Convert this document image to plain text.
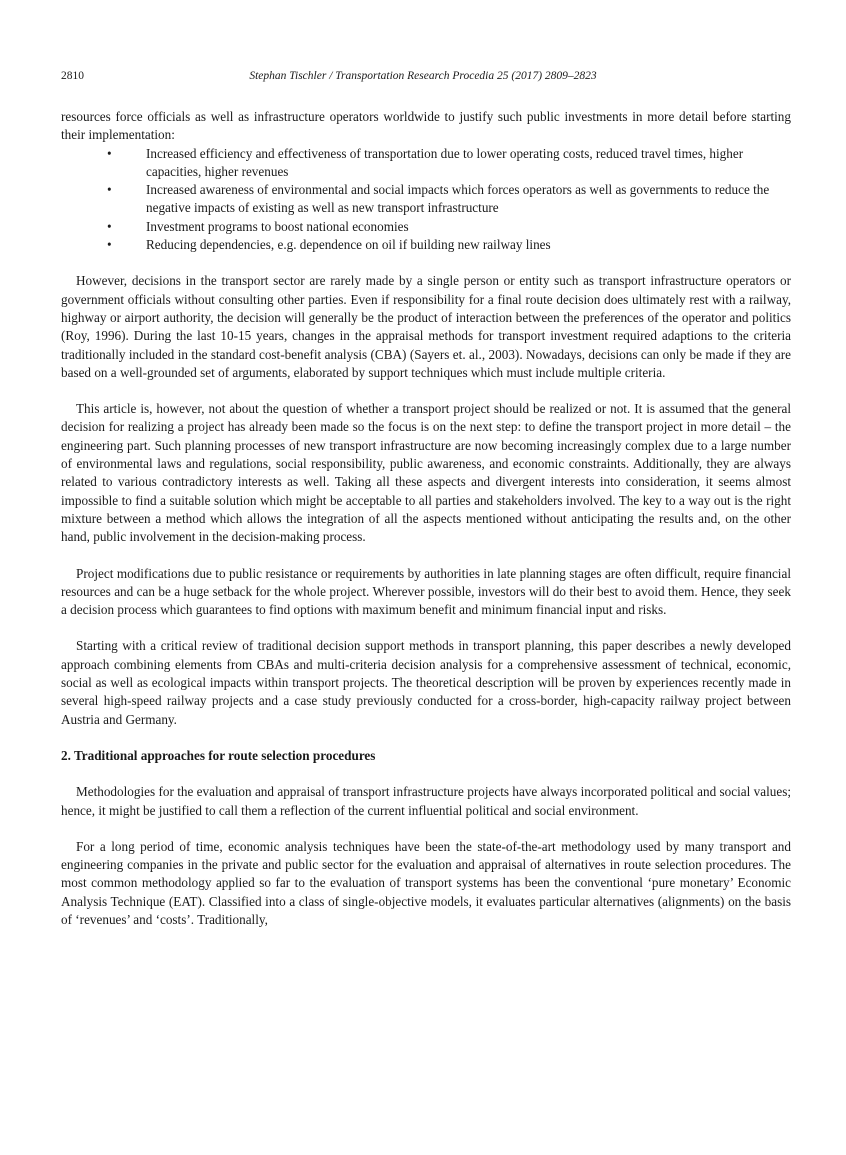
2810	Stephan Tischler / Transportation Research Procedia 25 (2017) 2809–2823

resources force officials as well as infrastructure operators worldwide to justify such public investments in more detail before starting their implementation:

•	Increased efficiency and effectiveness of transportation due to lower operating costs, reduced travel times, higher capacities, higher revenues
•	Increased awareness of environmental and social impacts which forces operators as well as governments to reduce the negative impacts of existing as well as new transport infrastructure
•	Investment programs to boost national economies
•	Reducing dependencies, e.g. dependence on oil if building new railway lines

However, decisions in the transport sector are rarely made by a single person or entity such as transport infrastructure operators or government officials without consulting other parties. Even if responsibility for a final route decision does ultimately rest with a railway, highway or airport authority, the decision will generally be the product of interaction between the preferences of the operator and politics (Roy, 1996). During the last 10-15 years, changes in the appraisal methods for transport investment required adaptions to the criteria traditionally included in the standard cost-benefit analysis (CBA) (Sayers et. al., 2003). Nowadays, decisions can only be made if they are based on a well-grounded set of arguments, elaborated by support techniques which must include multiple criteria.

This article is, however, not about the question of whether a transport project should be realized or not. It is assumed that the general decision for realizing a project has already been made so the focus is on the next step: to define the transport project in more detail – the engineering part. Such planning processes of new transport infrastructure are now becoming increasingly complex due to a large number of environmental laws and regulations, social responsibility, public awareness, and economic constraints. Additionally, they are always related to various contradictory interests as well. Taking all these aspects and divergent interests into consideration, it seems almost impossible to find a suitable solution which might be acceptable to all parties and stakeholders involved. The key to a way out is the right mixture between a method which allows the integration of all the aspects mentioned without anticipating the results and, on the other hand, public involvement in the decision-making process.

Project modifications due to public resistance or requirements by authorities in late planning stages are often difficult, require financial resources and can be a huge setback for the whole project. Wherever possible, investors will do their best to avoid them. Hence, they seek a decision process which guarantees to find options with maximum benefit and minimum financial input and risks.

Starting with a critical review of traditional decision support methods in transport planning, this paper describes a newly developed approach combining elements from CBAs and multi-criteria decision analysis for a comprehensive assessment of technical, economic, social as well as ecological impacts within transport projects. The theoretical description will be proven by experiences recently made in several high-speed railway projects and a case study previously conducted for a cross-border, high-capacity railway project between Austria and Germany.

2. Traditional approaches for route selection procedures

Methodologies for the evaluation and appraisal of transport infrastructure projects have always incorporated political and social values; hence, it might be justified to call them a reflection of the current influential political and social environment.

For a long period of time, economic analysis techniques have been the state-of-the-art methodology used by many transport and engineering companies in the private and public sector for the evaluation and appraisal of alternatives in route selection procedures. The most common methodology applied so far to the evaluation of transport systems has been the conventional ‘pure monetary’ Economic Analysis Technique (EAT). Classified into a class of single-objective models, it evaluates particular alternatives (alignments) on the basis of ‘revenues’ and ‘costs’. Traditionally,
